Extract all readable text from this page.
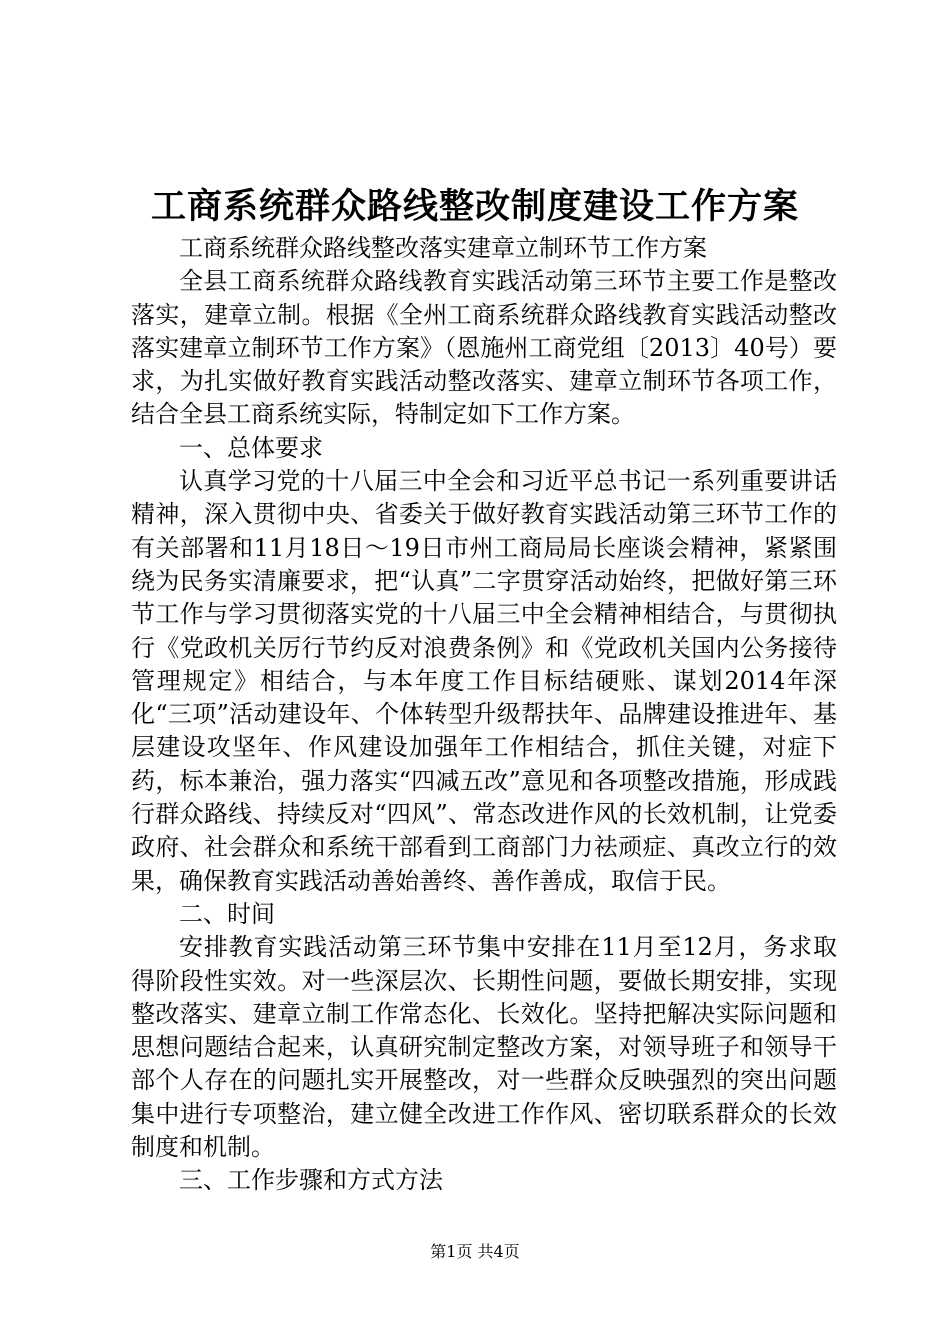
工商系统群众路线整改制度建设工作方案

工商系统群众路线整改落实建章立制环节工作方案

全县工商系统群众路线教育实践活动第三环节主要工作是整改落实，建章立制。根据《全州工商系统群众路线教育实践活动整改落实建章立制环节工作方案》（恩施州工商党组〔2013〕40号）要求，为扎实做好教育实践活动整改落实、建章立制环节各项工作，结合全县工商系统实际，特制定如下工作方案。

一、总体要求

认真学习党的十八届三中全会和习近平总书记一系列重要讲话精神，深入贯彻中央、省委关于做好教育实践活动第三环节工作的有关部署和11月18日～19日市州工商局局长座谈会精神，紧紧围绕为民务实清廉要求，把“认真”二字贯穿活动始终，把做好第三环节工作与学习贯彻落实党的十八届三中全会精神相结合，与贯彻执行《党政机关厉行节约反对浪费条例》和《党政机关国内公务接待管理规定》相结合，与本年度工作目标结硬账、谋划2014年深化“三项”活动建设年、个体转型升级帮扶年、品牌建设推进年、基层建设攻坚年、作风建设加强年工作相结合，抓住关键，对症下药，标本兼治，强力落实“四减五改”意见和各项整改措施，形成践行群众路线、持续反对“四风”、常态改进作风的长效机制，让党委政府、社会群众和系统干部看到工商部门力祛顽症、真改立行的效果，确保教育实践活动善始善终、善作善成，取信于民。

二、时间

安排教育实践活动第三环节集中安排在11月至12月，务求取得阶段性实效。对一些深层次、长期性问题，要做长期安排，实现整改落实、建章立制工作常态化、长效化。坚持把解决实际问题和思想问题结合起来，认真研究制定整改方案，对领导班子和领导干部个人存在的问题扎实开展整改，对一些群众反映强烈的突出问题集中进行专项整治，建立健全改进工作作风、密切联系群众的长效制度和机制。

三、工作步骤和方式方法

第1页 共4页
